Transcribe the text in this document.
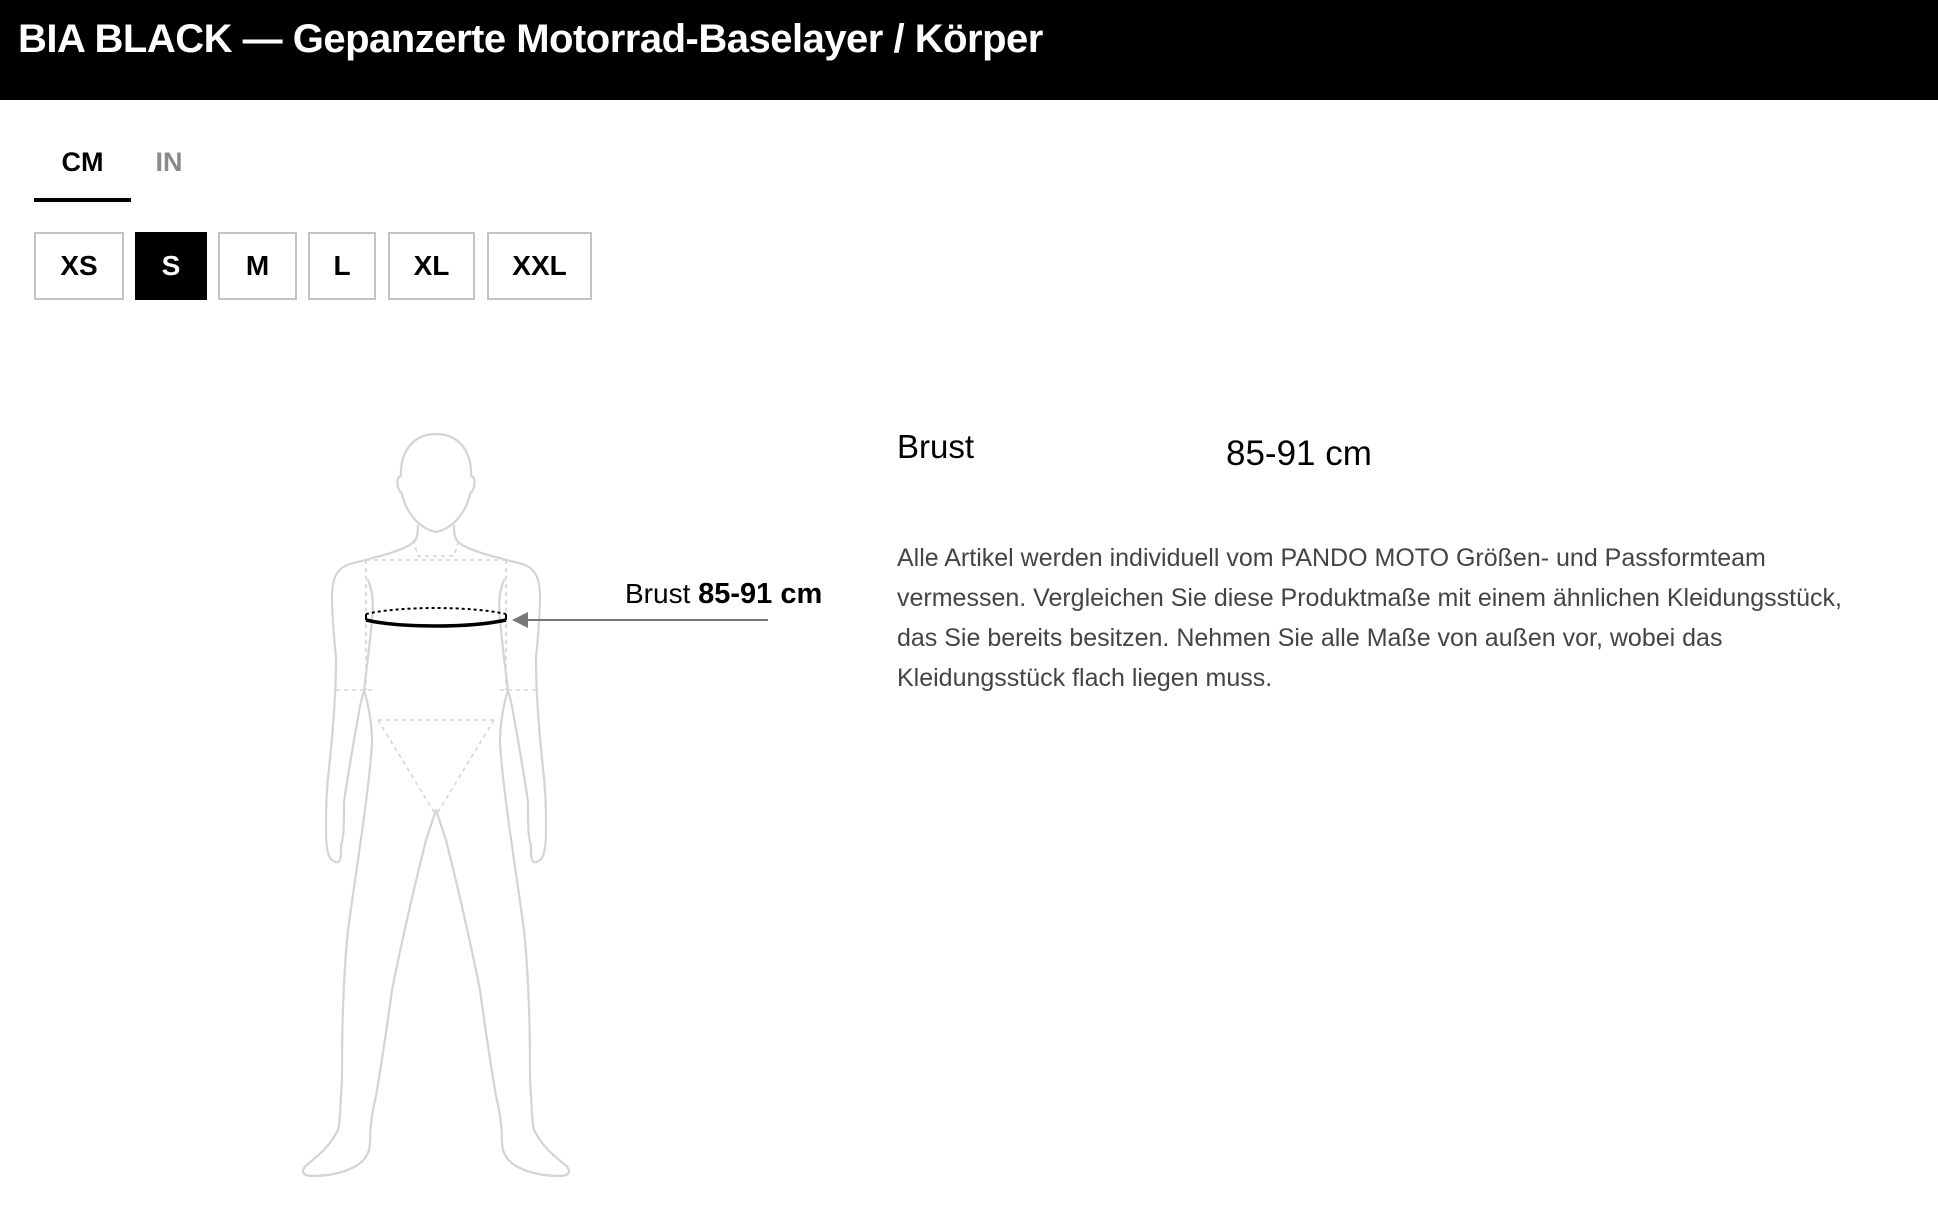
BIA BLACK — Gepanzerte Motorrad-Baselayer / Körper
CM	IN
XS	S	M	L	XL	XXL
Brust 85-91 cm
Brust	85-91 cm
Alle Artikel werden individuell vom PANDO MOTO Größen- und Passformteam vermessen. Vergleichen Sie diese Produktmaße mit einem ähnlichen Kleidungsstück, das Sie bereits besitzen. Nehmen Sie alle Maße von außen vor, wobei das Kleidungsstück flach liegen muss.
